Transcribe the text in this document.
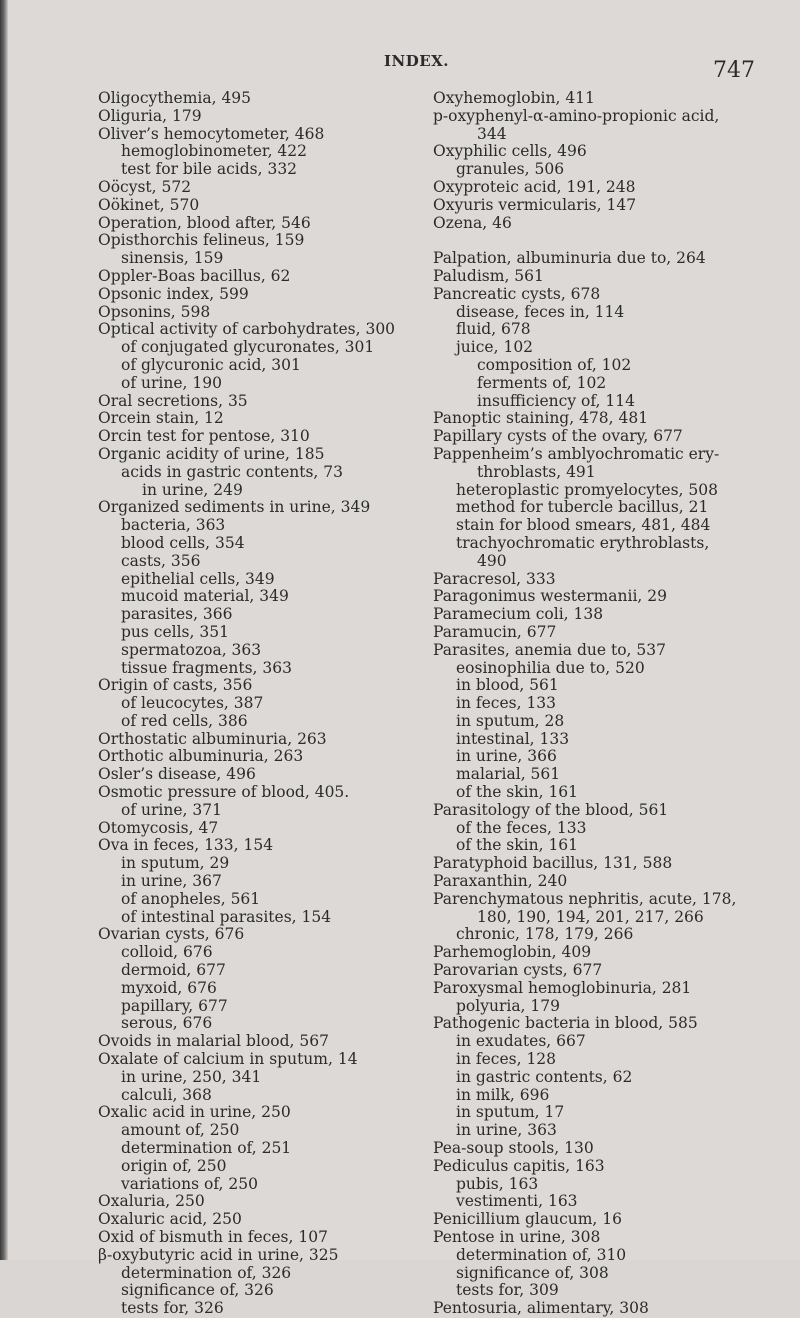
INDEX.	747
Oligocythemia, 495
Oliguria, 179
Oliver’s hemocytometer, 468
hemoglobinometer, 422
test for bile acids, 332
Oöcyst, 572
Oökinet, 570
Operation, blood after, 546
Opisthorchis felineus, 159
sinensis, 159
Oppler-Boas bacillus, 62
Opsonic index, 599
Opsonins, 598
Optical activity of carbohydrates, 300
of conjugated glycuronates, 301
of glycuronic acid, 301
of urine, 190
Oral secretions, 35
Orcein stain, 12
Orcin test for pentose, 310
Organic acidity of urine, 185
acids in gastric contents, 73
in urine, 249
Organized sediments in urine, 349
bacteria, 363
blood cells, 354
casts, 356
epithelial cells, 349
mucoid material, 349
parasites, 366
pus cells, 351
spermatozoa, 363
tissue fragments, 363
Origin of casts, 356
of leucocytes, 387
of red cells, 386
Orthostatic albuminuria, 263
Orthotic albuminuria, 263
Osler’s disease, 496
Osmotic pressure of blood, 405.
of urine, 371
Otomycosis, 47
Ova in feces, 133, 154
in sputum, 29
in urine, 367
of anopheles, 561
of intestinal parasites, 154
Ovarian cysts, 676
colloid, 676
dermoid, 677
myxoid, 676
papillary, 677
serous, 676
Ovoids in malarial blood, 567
Oxalate of calcium in sputum, 14
in urine, 250, 341
calculi, 368
Oxalic acid in urine, 250
amount of, 250
determination of, 251
origin of, 250
variations of, 250
Oxaluria, 250
Oxaluric acid, 250
Oxid of bismuth in feces, 107
β-oxybutyric acid in urine, 325
determination of, 326
significance of, 326
tests for, 326
Oxyhemoglobin, 411
p-oxyphenyl-α-amino-propionic acid,
344
Oxyphilic cells, 496
granules, 506
Oxyproteic acid, 191, 248
Oxyuris vermicularis, 147
Ozena, 46
Palpation, albuminuria due to, 264
Paludism, 561
Pancreatic cysts, 678
disease, feces in, 114
fluid, 678
juice, 102
composition of, 102
ferments of, 102
insufficiency of, 114
Panoptic staining, 478, 481
Papillary cysts of the ovary, 677
Pappenheim’s amblyochromatic ery-
throblasts, 491
heteroplastic promyelocytes, 508
method for tubercle bacillus, 21
stain for blood smears, 481, 484
trachyochromatic erythroblasts,
490
Paracresol, 333
Paragonimus westermanii, 29
Paramecium coli, 138
Paramucin, 677
Parasites, anemia due to, 537
eosinophilia due to, 520
in blood, 561
in feces, 133
in sputum, 28
intestinal, 133
in urine, 366
malarial, 561
of the skin, 161
Parasitology of the blood, 561
of the feces, 133
of the skin, 161
Paratyphoid bacillus, 131, 588
Paraxanthin, 240
Parenchymatous nephritis, acute, 178,
180, 190, 194, 201, 217, 266
chronic, 178, 179, 266
Parhemoglobin, 409
Parovarian cysts, 677
Paroxysmal hemoglobinuria, 281
polyuria, 179
Pathogenic bacteria in blood, 585
in exudates, 667
in feces, 128
in gastric contents, 62
in milk, 696
in sputum, 17
in urine, 363
Pea-soup stools, 130
Pediculus capitis, 163
pubis, 163
vestimenti, 163
Penicillium glaucum, 16
Pentose in urine, 308
determination of, 310
significance of, 308
tests for, 309
Pentosuria, alimentary, 308
